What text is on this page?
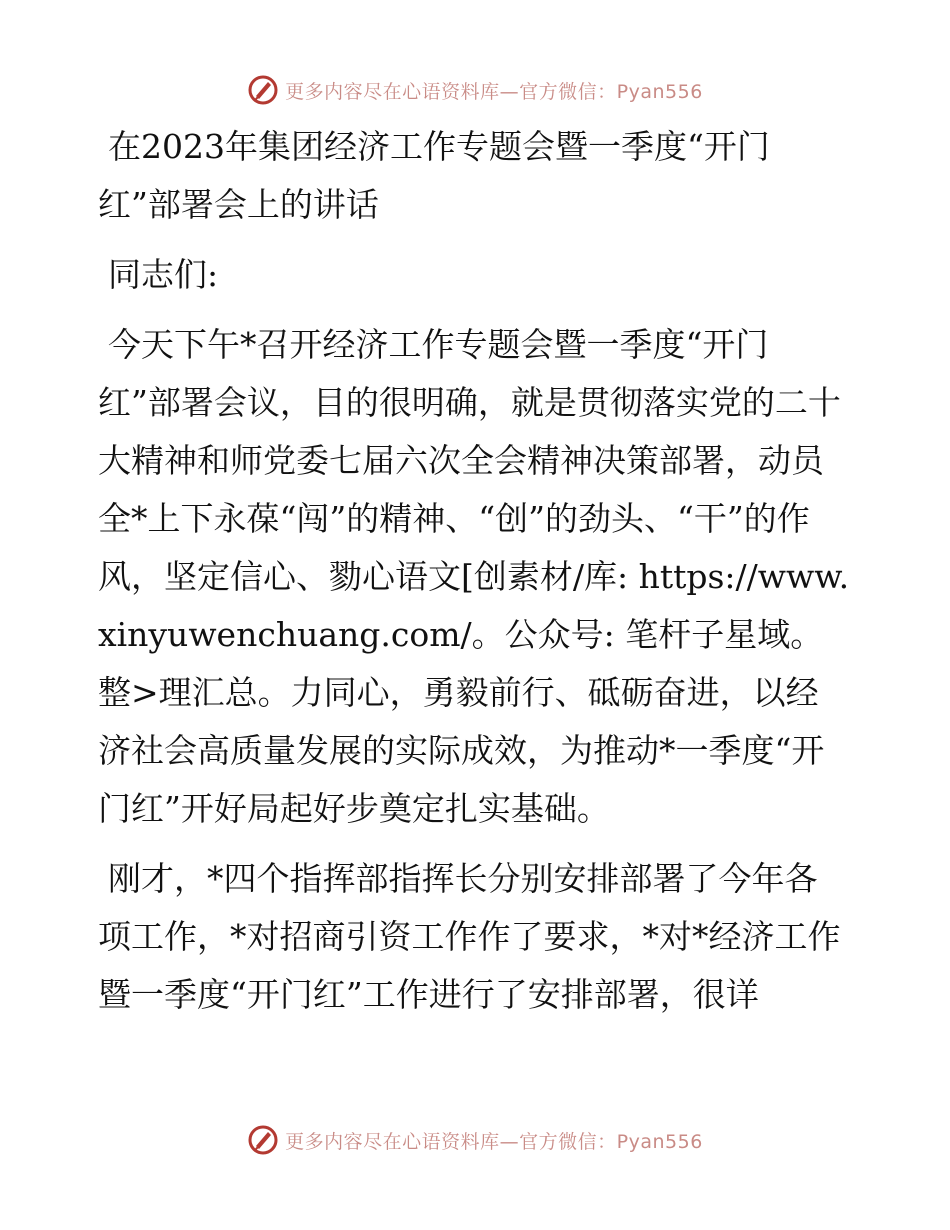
更多内容尽在心语资料库—官方微信：Pyan556
在2023年集团经济工作专题会暨一季度“开门红”部署会上的讲话

同志们:

今天下午*召开经济工作专题会暨一季度“开门红”部署会议，目的很明确，就是贯彻落实党的二十大精神和师党委七届六次全会精神决策部署，动员全*上下永葆“闯”的精神、“创”的劲头、“干”的作风，坚定信心、勠心语文[创素材/库: https://www.xinyuwenchuang.com/。公众号: 笔杆子星域。整>理汇总。力同心，勇毅前行、砥砺奋进，以经济社会高质量发展的实际成效，为推动*一季度“开门红”开好局起好步奠定扎实基础。

刚才，*四个指挥部指挥长分别安排部署了今年各项工作，*对招商引资工作作了要求，*对*经济工作暨一季度“开门红”工作进行了安排部署，很详

更多内容尽在心语资料库—官方微信：Pyan556
